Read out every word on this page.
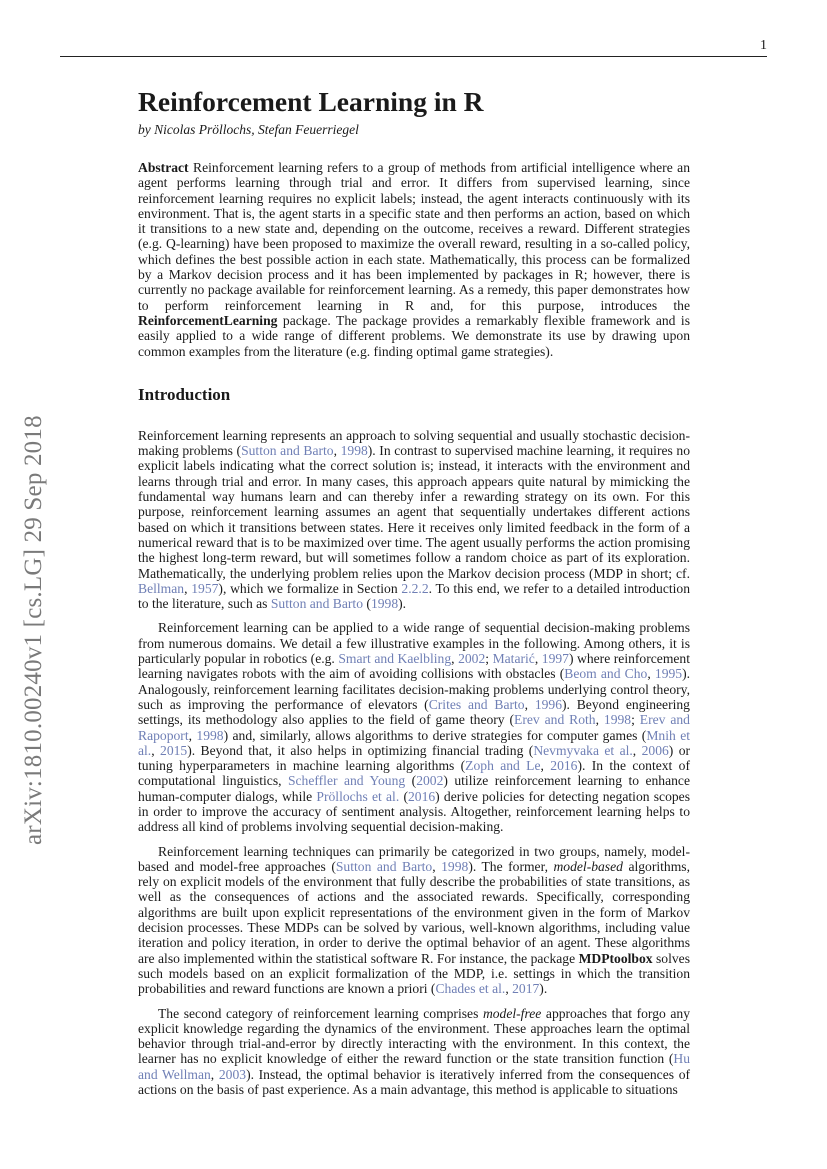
1
arXiv:1810.00240v1 [cs.LG] 29 Sep 2018
Reinforcement Learning in R
by Nicolas Pröllochs, Stefan Feuerriegel

Abstract Reinforcement learning refers to a group of methods from artificial intelligence where an agent performs learning through trial and error. It differs from supervised learning, since reinforcement learning requires no explicit labels; instead, the agent interacts continuously with its environment. That is, the agent starts in a specific state and then performs an action, based on which it transitions to a new state and, depending on the outcome, receives a reward. Different strategies (e.g. Q-learning) have been proposed to maximize the overall reward, resulting in a so-called policy, which defines the best possible action in each state. Mathematically, this process can be formalized by a Markov decision process and it has been implemented by packages in R; however, there is currently no package available for reinforcement learning. As a remedy, this paper demonstrates how to perform reinforcement learning in R and, for this purpose, introduces the ReinforcementLearning package. The package provides a remarkably flexible framework and is easily applied to a wide range of different problems. We demonstrate its use by drawing upon common examples from the literature (e.g. finding optimal game strategies).

Introduction

Reinforcement learning represents an approach to solving sequential and usually stochastic decision-making problems (Sutton and Barto, 1998). In contrast to supervised machine learning, it requires no explicit labels indicating what the correct solution is; instead, it interacts with the environment and learns through trial and error. In many cases, this approach appears quite natural by mimicking the fundamental way humans learn and can thereby infer a rewarding strategy on its own. For this purpose, reinforcement learning assumes an agent that sequentially undertakes different actions based on which it transitions between states. Here it receives only limited feedback in the form of a numerical reward that is to be maximized over time. The agent usually performs the action promising the highest long-term reward, but will sometimes follow a random choice as part of its exploration. Mathematically, the underlying problem relies upon the Markov decision process (MDP in short; cf. Bellman, 1957), which we formalize in Section 2.2.2. To this end, we refer to a detailed introduction to the literature, such as Sutton and Barto (1998).

Reinforcement learning can be applied to a wide range of sequential decision-making problems from numerous domains. We detail a few illustrative examples in the following. Among others, it is particularly popular in robotics (e.g. Smart and Kaelbling, 2002; Matarić, 1997) where reinforcement learning navigates robots with the aim of avoiding collisions with obstacles (Beom and Cho, 1995). Analogously, reinforcement learning facilitates decision-making problems underlying control theory, such as improving the performance of elevators (Crites and Barto, 1996). Beyond engineering settings, its methodology also applies to the field of game theory (Erev and Roth, 1998; Erev and Rapoport, 1998) and, similarly, allows algorithms to derive strategies for computer games (Mnih et al., 2015). Beyond that, it also helps in optimizing financial trading (Nevmyvaka et al., 2006) or tuning hyperparameters in machine learning algorithms (Zoph and Le, 2016). In the context of computational linguistics, Scheffler and Young (2002) utilize reinforcement learning to enhance human-computer dialogs, while Pröllochs et al. (2016) derive policies for detecting negation scopes in order to improve the accuracy of sentiment analysis. Altogether, reinforcement learning helps to address all kind of problems involving sequential decision-making.

Reinforcement learning techniques can primarily be categorized in two groups, namely, model-based and model-free approaches (Sutton and Barto, 1998). The former, model-based algorithms, rely on explicit models of the environment that fully describe the probabilities of state transitions, as well as the consequences of actions and the associated rewards. Specifically, corresponding algorithms are built upon explicit representations of the environment given in the form of Markov decision processes. These MDPs can be solved by various, well-known algorithms, including value iteration and policy iteration, in order to derive the optimal behavior of an agent. These algorithms are also implemented within the statistical software R. For instance, the package MDPtoolbox solves such models based on an explicit formalization of the MDP, i.e. settings in which the transition probabilities and reward functions are known a priori (Chades et al., 2017).

The second category of reinforcement learning comprises model-free approaches that forgo any explicit knowledge regarding the dynamics of the environment. These approaches learn the optimal behavior through trial-and-error by directly interacting with the environment. In this context, the learner has no explicit knowledge of either the reward function or the state transition function (Hu and Wellman, 2003). Instead, the optimal behavior is iteratively inferred from the consequences of actions on the basis of past experience. As a main advantage, this method is applicable to situations
